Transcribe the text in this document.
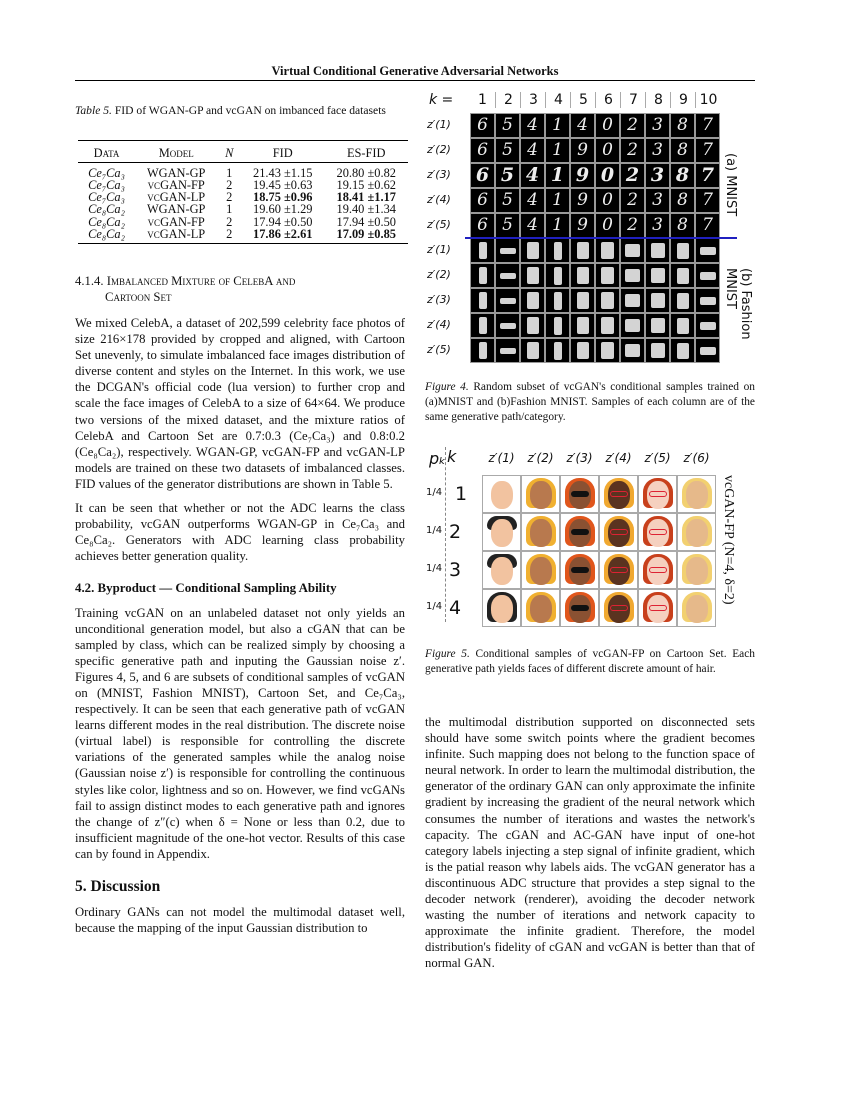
Virtual Conditional Generative Adversarial Networks
Table 5. FID of WGAN-GP and vcGAN on imbanced face datasets
Data	Model	N	FID	ES-FID
Ce₇Ca₃	WGAN-GP	1	21.43 ±1.15	20.80 ±0.82
Ce₇Ca₃	vcGAN-FP	2	19.45 ±0.63	19.15 ±0.62
Ce₇Ca₃	vcGAN-LP	2	18.75 ±0.96	18.41 ±1.17
Ce₈Ca₂	WGAN-GP	1	19.60 ±1.29	19.40 ±1.34
Ce₈Ca₂	vcGAN-FP	2	17.94 ±0.50	17.94 ±0.50
Ce₈Ca₂	vcGAN-LP	2	17.86 ±2.61	17.09 ±0.85
4.1.4. Imbalanced Mixture of CelebA and
Cartoon Set

We mixed CelebA, a dataset of 202,599 celebrity face photos of size 216×178 provided by cropped and aligned, with Cartoon Set unevenly, to simulate imbalanced face images distribution of diverse content and styles on the Internet. In this work, we use the DCGAN's official code (lua version) to further crop and scale the face images of CelebA to a size of 64×64. We produce two versions of the mixed dataset, and the mixture ratios of CelebA and Cartoon Set are 0.7:0.3 (Ce₇Ca₃) and 0.8:0.2 (Ce₈Ca₂), respectively. WGAN-GP, vcGAN-FP and vcGAN-LP models are trained on these two datasets of imbalanced classes. FID values of the generator distributions are shown in Table 5.

It can be seen that whether or not the ADC learns the class probability, vcGAN outperforms WGAN-GP in Ce₇Ca₃ and Ce₈Ca₂. Generators with ADC learning class probability achieves better generation quality.

4.2. Byproduct — Conditional Sampling Ability

Training vcGAN on an unlabeled dataset not only yields an unconditional generation model, but also a cGAN that can be sampled by class, which can be realized simply by choosing a specific generative path and inputing the Gaussian noise z′. Figures 4, 5, and 6 are subsets of conditional samples of vcGAN on (MNIST, Fashion MNIST), Cartoon Set, and Ce₇Ca₃, respectively. It can be seen that each generative path of vcGAN learns different modes in the real distribution. The discrete noise (virtual label) is responsible for controlling the discrete variations of the generated samples while the analog noise (Gaussian noise z′) is responsible for controlling the continuous styles like color, lightness and so on. However, we find vcGANs fail to assign distinct modes to each generative path and ignores the change of z″(c) when δ = None or less than 0.2, due to insufficient magnitude of the one-hot vector. Results of this case can by found in Appendix.

5. Discussion

Ordinary GANs can not model the multimodal dataset well, because the mapping of the input Gaussian distribution to

k =	1	2	3	4	5	6	7	8	9 10
z′(1)	6 5 4 1 4 0 2 3 8 7
z′(2)	6 5 4 1 9 0 2 3 8 7
z′(3)	6 5 4 1 9 0 2 3 8 7
z′(4)	6 5 4 1 9 0 2 3 8 7
z′(5)	6 5 4 1 9 0 2 3 8 7
z′(1)
z′(2)
z′(3)
z′(4)
z′(5)
(a) MNIST
(b) Fashion MNIST
Figure 4. Random subset of vcGAN's conditional samples trained on (a)MNIST and (b)Fashion MNIST. Samples of each column are of the same generative path/category.
pₖ k	z′(1)	z′(2)	z′(3)	z′(4)	z′(5)	z′(6)
1/4 1
1/4 2
1/4 3
1/4 4
vcGAN-FP (N=4, δ=2)
Figure 5. Conditional samples of vcGAN-FP on Cartoon Set. Each generative path yields faces of different discrete amount of hair.

the multimodal distribution supported on disconnected sets should have some switch points where the gradient becomes infinite. Such mapping does not belong to the function space of neural network. In order to learn the multimodal distribution, the generator of the ordinary GAN can only approximate the infinite gradient by increasing the gradient of the neural network which consumes the number of iterations and wastes the network's capacity. The cGAN and AC-GAN have input of one-hot category labels injecting a step signal of infinite gradient, which is the patial reason why labels aids. The vcGAN generator has a discontinuous ADC structure that provides a step signal to the decoder network (renderer), avoiding the decoder network wasting the number of iterations and network capacity to approximate the infinite gradient. Therefore, the model distribution's fidelity of cGAN and vcGAN is better than that of normal GAN.
